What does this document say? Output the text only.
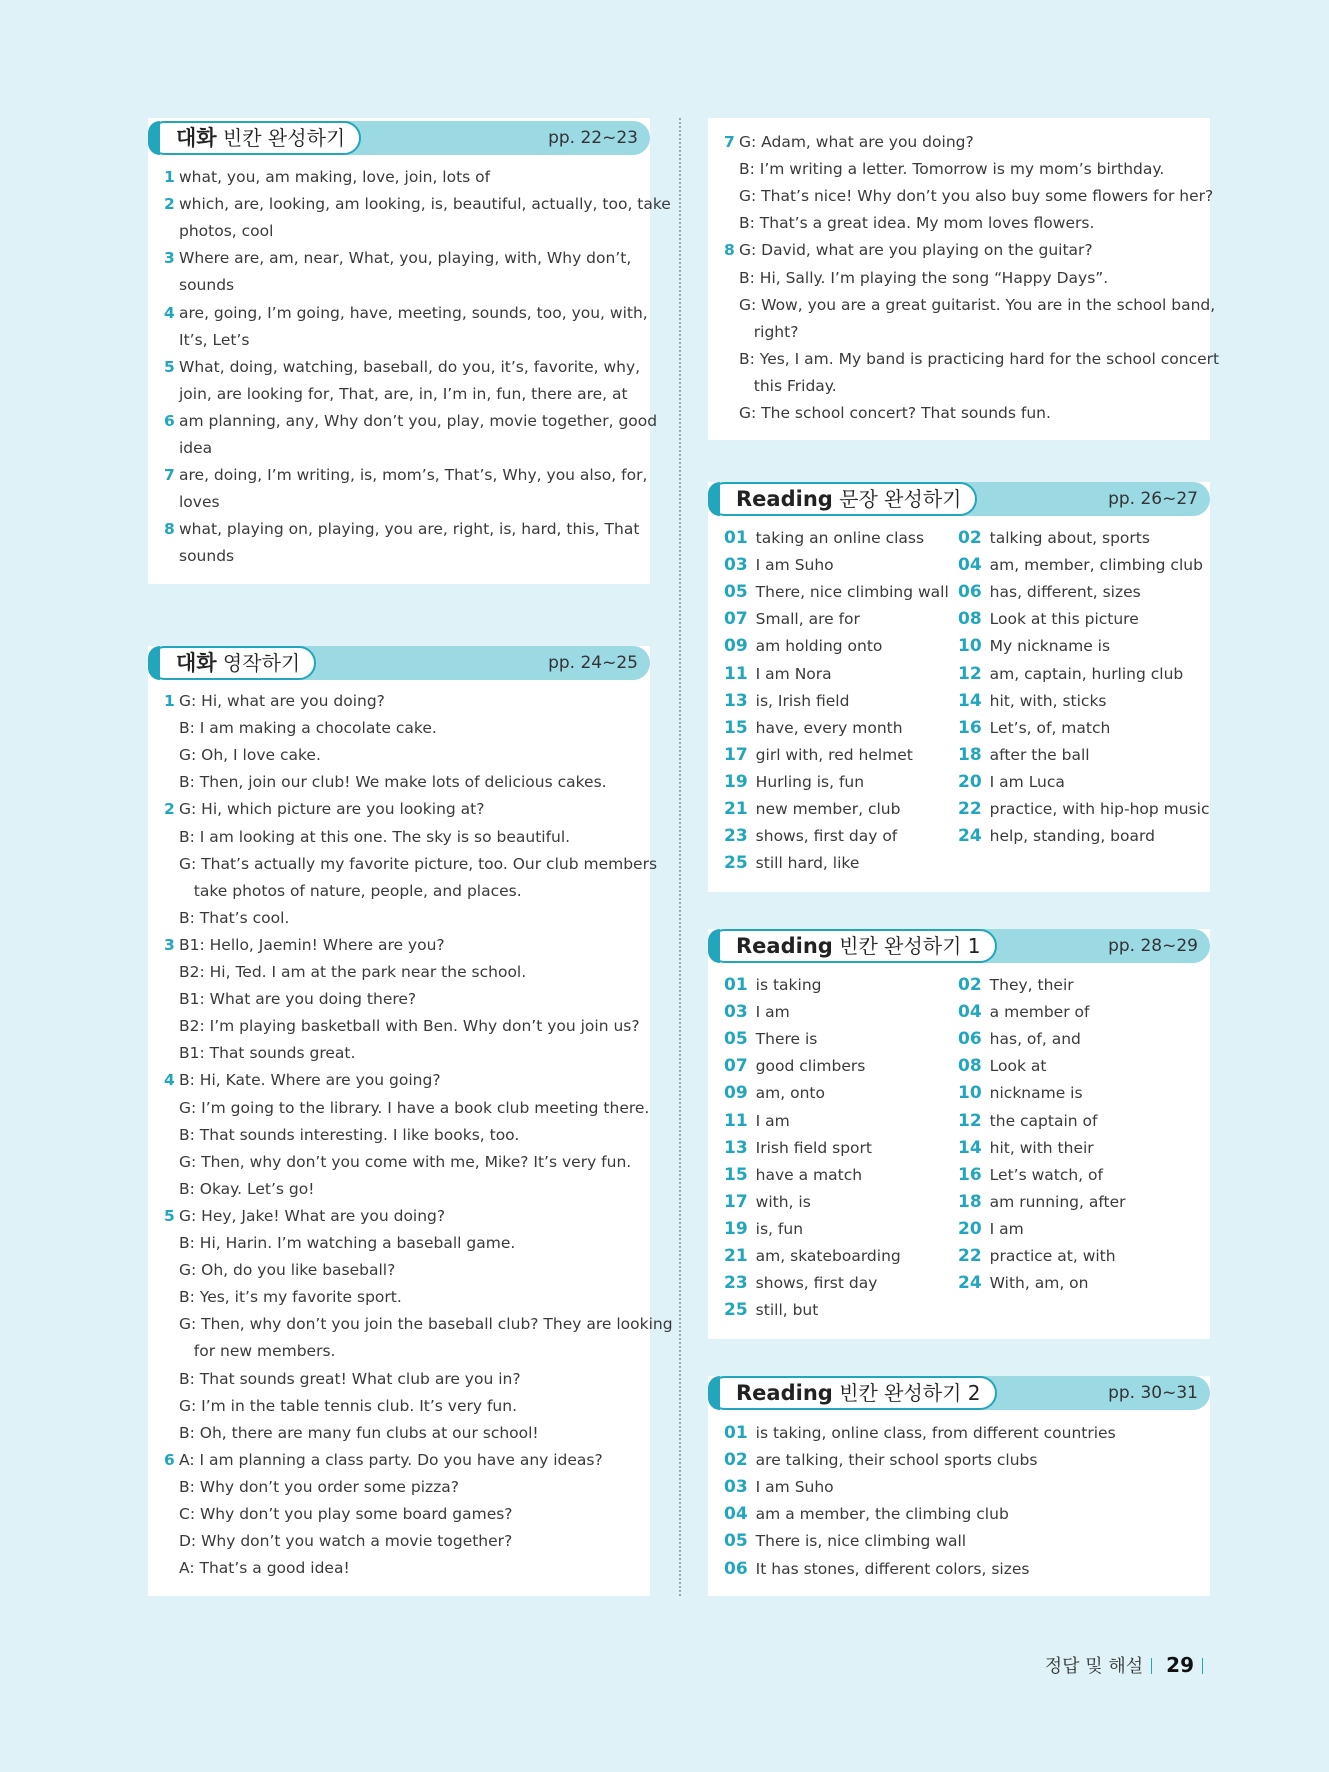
대화 빈칸 완성하기	pp. 22~23
1 what, you, am making, love, join, lots of
2 which, are, looking, am looking, is, beautiful, actually, too, take
photos, cool
3 Where are, am, near, What, you, playing, with, Why don’t,
sounds
4 are, going, I’m going, have, meeting, sounds, too, you, with,
It’s, Let’s
5 What, doing, watching, baseball, do you, it’s, favorite, why,
join, are looking for, That, are, in, I’m in, fun, there are, at
6 am planning, any, Why don’t you, play, movie together, good
idea
7 are, doing, I’m writing, is, mom’s, That’s, Why, you also, for,
loves
8 what, playing on, playing, you are, right, is, hard, this, That
sounds
대화 영작하기	pp. 24~25
1 G: Hi, what are you doing?
B: I am making a chocolate cake.
G: Oh, I love cake.
B: Then, join our club! We make lots of delicious cakes.
2 G: Hi, which picture are you looking at?
B: I am looking at this one. The sky is so beautiful.
G: That’s actually my favorite picture, too. Our club members
take photos of nature, people, and places.
B: That’s cool.
3 B1: Hello, Jaemin! Where are you?
B2: Hi, Ted. I am at the park near the school.
B1: What are you doing there?
B2: I’m playing basketball with Ben. Why don’t you join us?
B1: That sounds great.
4 B: Hi, Kate. Where are you going?
G: I’m going to the library. I have a book club meeting there.
B: That sounds interesting. I like books, too.
G: Then, why don’t you come with me, Mike? It’s very fun.
B: Okay. Let’s go!
5 G: Hey, Jake! What are you doing?
B: Hi, Harin. I’m watching a baseball game.
G: Oh, do you like baseball?
B: Yes, it’s my favorite sport.
G: Then, why don’t you join the baseball club? They are looking
for new members.
B: That sounds great! What club are you in?
G: I’m in the table tennis club. It’s very fun.
B: Oh, there are many fun clubs at our school!
6 A: I am planning a class party. Do you have any ideas?
B: Why don’t you order some pizza?
C: Why don’t you play some board games?
D: Why don’t you watch a movie together?
A: That’s a good idea!
7 G: Adam, what are you doing?
B: I’m writing a letter. Tomorrow is my mom’s birthday.
G: That’s nice! Why don’t you also buy some flowers for her?
B: That’s a great idea. My mom loves flowers.
8 G: David, what are you playing on the guitar?
B: Hi, Sally. I’m playing the song “Happy Days”.
G: Wow, you are a great guitarist. You are in the school band,
right?
B: Yes, I am. My band is practicing hard for the school concert
this Friday.
G: The school concert? That sounds fun.
Reading 문장 완성하기	pp. 26~27
01 taking an online class 02 talking about, sports
03 I am Suho	04 am, member, climbing club
05 There, nice climbing wall 06 has, different, sizes
07 Small, are for	08 Look at this picture
09 am holding onto	10 My nickname is
11 I am Nora	12 am, captain, hurling club
13 is, Irish field	14 hit, with, sticks
15 have, every month	16 Let’s, of, match
17 girl with, red helmet	18 after the ball
19 Hurling is, fun	20 I am Luca
21 new member, club	22 practice, with hip-hop music
23 shows, first day of	24 help, standing, board
25 still hard, like
Reading 빈칸 완성하기 1	pp. 28~29
01 is taking	02 They, their
03 I am	04 a member of
05 There is	06 has, of, and
07 good climbers	08 Look at
09 am, onto	10 nickname is
11 I am	12 the captain of
13 Irish field sport	14 hit, with their
15 have a match	16 Let’s watch, of
17 with, is	18 am running, after
19 is, fun	20 I am
21 am, skateboarding	22 practice at, with
23 shows, first day	24 With, am, on
25 still, but
Reading 빈칸 완성하기 2	pp. 30~31
01 is taking, online class, from different countries
02 are talking, their school sports clubs
03 I am Suho
04 am a member, the climbing club
05 There is, nice climbing wall
06 It has stones, different colors, sizes
정답 및 해설 29
